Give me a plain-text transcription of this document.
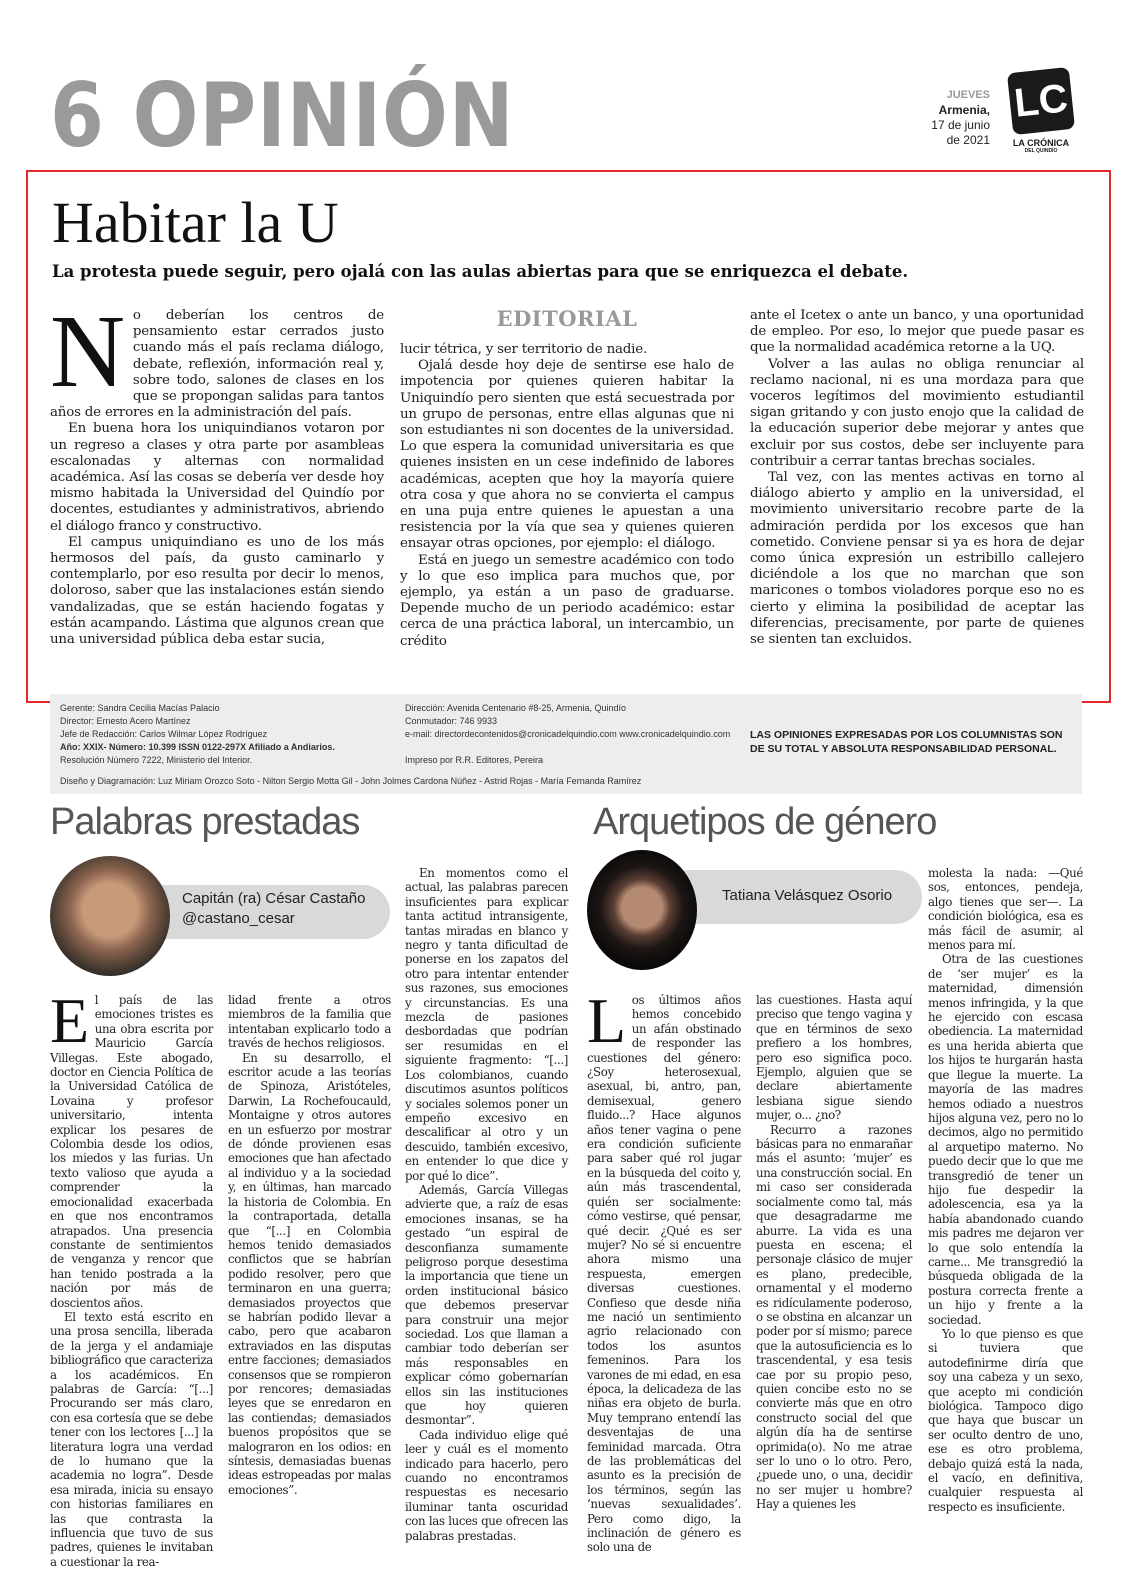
6 OPINIÓN	JUEVES
Armenia,
17 de junio
de 2021
LC
LA CRÓNICA
DEL QUINDÍO
Habitar la U
La protesta puede seguir, pero ojalá con las aulas abiertas para que se enriquezca el debate.

No deberían los centros de pensamiento estar cerrados justo cuando más el país reclama diálogo, debate, reflexión, información real y, sobre todo, salones de clases en los que se propongan salidas para tantos años de errores en la administración del país.

En buena hora los uniquindianos votaron por un regreso a clases y otra parte por asambleas escalonadas y alternas con normalidad académica. Así las cosas se debería ver desde hoy mismo habitada la Universidad del Quindío por docentes, estudiantes y administrativos, abriendo el diálogo franco y constructivo.

El campus uniquindiano es uno de los más hermosos del país, da gusto caminarlo y contemplarlo, por eso resulta por decir lo menos, doloroso, saber que las instalaciones están siendo vandalizadas, que se están haciendo fogatas y están acampando. Lástima que algunos crean que una universidad pública deba estar sucia,

EDITORIAL

lucir tétrica, y ser territorio de nadie.

Ojalá desde hoy deje de sentirse ese halo de impotencia por quienes quieren habitar la Uniquindío pero sienten que está secuestrada por un grupo de personas, entre ellas algunas que ni son estudiantes ni son docentes de la universidad. Lo que espera la comunidad universitaria es que quienes insisten en un cese indefinido de labores académicas, acepten que hoy la mayoría quiere otra cosa y que ahora no se convierta el campus en una puja entre quienes le apuestan a una resistencia por la vía que sea y quienes quieren ensayar otras opciones, por ejemplo: el diálogo.

Está en juego un semestre académico con todo y lo que eso implica para muchos que, por ejemplo, ya están a un paso de graduarse. Depende mucho de un periodo académico: estar cerca de una práctica laboral, un intercambio, un crédito

ante el Icetex o ante un banco, y una oportunidad de empleo. Por eso, lo mejor que puede pasar es que la normalidad académica retorne a la UQ.

Volver a las aulas no obliga renunciar al reclamo nacional, ni es una mordaza para que voceros legítimos del movimiento estudiantil sigan gritando y con justo enojo que la calidad de la educación superior debe mejorar y antes que excluir por sus costos, debe ser incluyente para contribuir a cerrar tantas brechas sociales.

Tal vez, con las mentes activas en torno al diálogo abierto y amplio en la universidad, el movimiento universitario recobre parte de la admiración perdida por los excesos que han cometido. Conviene pensar si ya es hora de dejar como única expresión un estribillo callejero diciéndole a los que no marchan que son maricones o tombos violadores porque eso no es cierto y elimina la posibilidad de aceptar las diferencias, precisamente, por parte de quienes se sienten tan excluidos.

Gerente: Sandra Cecilia Macías Palacio
Director: Ernesto Acero Martínez
Jefe de Redacción: Carlos Wilmar López Rodríguez
Año: XXIX- Número: 10.399 ISSN 0122-297X Afiliado a Andiarios.
Resolución Número 7222, Ministerio del Interior.
Dirección: Avenida Centenario #8-25, Armenia, Quindío
Conmutador: 746 9933
e-mail: directordecontenidos@cronicadelquindio.com www.cronicadelquindio.com
Impreso por R.R. Editores, Pereira
LAS OPINIONES EXPRESADAS POR LOS COLUMNISTAS SON DE SU TOTAL Y ABSOLUTA RESPONSABILIDAD PERSONAL.
Diseño y Diagramación: Luz Miriam Orozco Soto - Nilton Sergio Motta Gil - John Jolmes Cardona Núñez - Astrid Rojas - María Fernanda Ramírez
Palabras prestadas
Capitán (ra) César Castaño
@castano_cesar

El país de las emociones tristes es una obra escrita por Mauricio García Villegas. Este abogado, doctor en Ciencia Política de la Universidad Católica de Lovaina y profesor universitario, intenta explicar los pesares de Colombia desde los odios, los miedos y las furias. Un texto valioso que ayuda a comprender la emocionalidad exacerbada en que nos encontramos atrapados. Una presencia constante de sentimientos de venganza y rencor que han tenido postrada a la nación por más de doscientos años.

El texto está escrito en una prosa sencilla, liberada de la jerga y el andamiaje bibliográfico que caracteriza a los académicos. En palabras de García: “[...] Procurando ser más claro, con esa cortesía que se debe tener con los lectores [...] la literatura logra una verdad de lo humano que la academia no logra”. Desde esa mirada, inicia su ensayo con historias familiares en las que contrasta la influencia que tuvo de sus padres, quienes le invitaban a cuestionar la rea-

lidad frente a otros miembros de la familia que intentaban explicarlo todo a través de hechos religiosos.

En su desarrollo, el escritor acude a las teorías de Spinoza, Aristóteles, Darwin, La Rochefoucauld, Montaigne y otros autores en un esfuerzo por mostrar de dónde provienen esas emociones que han afectado al individuo y a la sociedad y, en últimas, han marcado la historia de Colombia. En la contraportada, detalla que “[...] en Colombia hemos tenido demasiados conflictos que se habrían podido resolver, pero que terminaron en una guerra; demasiados proyectos que se habrían podido llevar a cabo, pero que acabaron extraviados en las disputas entre facciones; demasiados consensos que se rompieron por rencores; demasiadas leyes que se enredaron en las contiendas; demasiados buenos propósitos que se malograron en los odios: en síntesis, demasiadas buenas ideas estropeadas por malas emociones”.

En momentos como el actual, las palabras parecen insuficientes para explicar tanta actitud intransigente, tantas miradas en blanco y negro y tanta dificultad de ponerse en los zapatos del otro para intentar entender sus razones, sus emociones y circunstancias. Es una mezcla de pasiones desbordadas que podrían ser resumidas en el siguiente fragmento: “[...] Los colombianos, cuando discutimos asuntos políticos y sociales solemos poner un empeño excesivo en descalificar al otro y un descuido, también excesivo, en entender lo que dice y por qué lo dice”.

Además, García Villegas advierte que, a raíz de esas emociones insanas, se ha gestado “un espiral de desconfianza sumamente peligroso porque desestima la importancia que tiene un orden institucional básico que debemos preservar para construir una mejor sociedad. Los que llaman a cambiar todo deberían ser más responsables en explicar cómo gobernarían ellos sin las instituciones que hoy quieren desmontar”.

Cada individuo elige qué leer y cuál es el momento indicado para hacerlo, pero cuando no encontramos respuestas es necesario iluminar tanta oscuridad con las luces que ofrecen las palabras prestadas.

Arquetipos de género
Tatiana Velásquez Osorio

Los últimos años hemos concebido un afán obstinado de responder las cuestiones del género: ¿Soy heterosexual, asexual, bi, antro, pan, demisexual, genero fluido...? Hace algunos años tener vagina o pene era condición suficiente para saber qué rol jugar en la búsqueda del coito y, aún más trascendental, quién ser socialmente: cómo vestirse, qué pensar, qué decir. ¿Qué es ser mujer? No sé si encuentre ahora mismo una respuesta, emergen diversas cuestiones. Confieso que desde niña me nació un sentimiento agrio relacionado con todos los asuntos femeninos. Para los varones de mi edad, en esa época, la delicadeza de las niñas era objeto de burla. Muy temprano entendí las desventajas de una feminidad marcada. Otra de las problemáticas del asunto es la precisión de los términos, según las ‘nuevas sexualidades’. Pero como digo, la inclinación de género es solo una de

las cuestiones. Hasta aquí preciso que tengo vagina y que en términos de sexo prefiero a los hombres, pero eso significa poco. Ejemplo, alguien que se declare abiertamente lesbiana sigue siendo mujer, o... ¿no?

Recurro a razones básicas para no enmarañar más el asunto: ‘mujer’ es una construcción social. En mi caso ser considerada socialmente como tal, más que desagradarme me aburre. La vida es una puesta en escena; el personaje clásico de mujer es plano, predecible, ornamental y el moderno es ridículamente poderoso, o se obstina en alcanzar un poder por sí mismo; parece que la autosuficiencia es lo trascendental, y esa tesis cae por su propio peso, quien concibe esto no se convierte más que en otro constructo social del que algún día ha de sentirse oprimida(o). No me atrae ser lo uno o lo otro. Pero, ¿puede uno, o una, decidir no ser mujer u hombre? Hay a quienes les

molesta la nada: —Qué sos, entonces, pendeja, algo tienes que ser—. La condición biológica, esa es más fácil de asumir, al menos para mí.

Otra de las cuestiones de ‘ser mujer’ es la maternidad, dimensión menos infringida, y la que he ejercido con escasa obediencia. La maternidad es una herida abierta que los hijos te hurgarán hasta que llegue la muerte. La mayoría de las madres hemos odiado a nuestros hijos alguna vez, pero no lo decimos, algo no permitido al arquetipo materno. No puedo decir que lo que me transgredió de tener un hijo fue despedir la adolescencia, esa ya la había abandonado cuando mis padres me dejaron ver lo que solo entendía la carne... Me transgredió la búsqueda obligada de la postura correcta frente a un hijo y frente a la sociedad.

Yo lo que pienso es que si tuviera que autodefinirme diría que soy una cabeza y un sexo, que acepto mi condición biológica. Tampoco digo que haya que buscar un ser oculto dentro de uno, ese es otro problema, debajo quizá está la nada, el vacío, en definitiva, cualquier respuesta al respecto es insuficiente.
